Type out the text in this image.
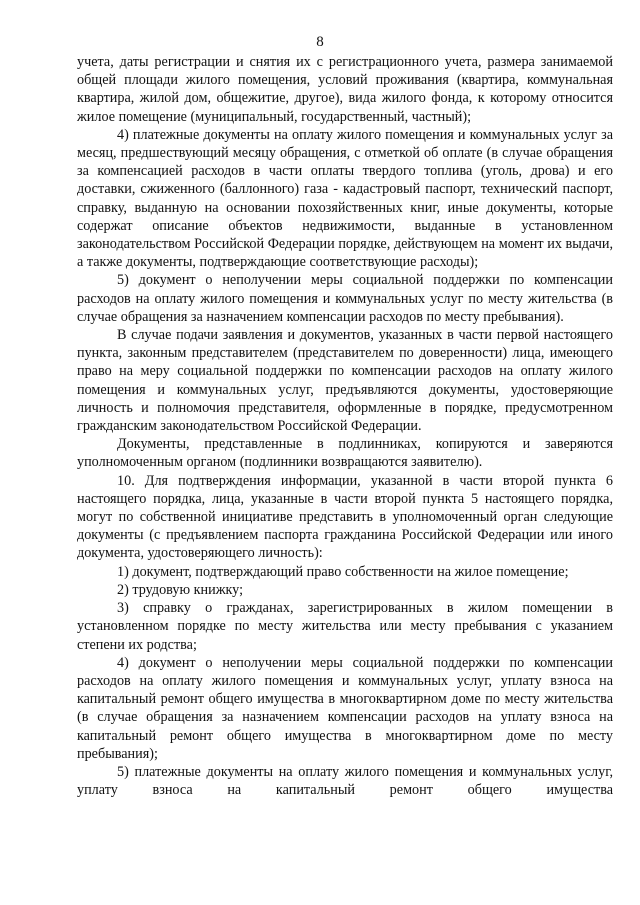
8

учета, даты регистрации и снятия их с регистрационного учета, размера занимаемой общей площади жилого помещения, условий проживания (квартира, коммунальная квартира, жилой дом, общежитие, другое), вида жилого фонда, к которому относится жилое помещение (муниципальный, государственный, частный);

4) платежные документы на оплату жилого помещения и коммунальных услуг за месяц, предшествующий месяцу обращения, с отметкой об оплате (в случае обращения за компенсацией расходов в части оплаты твердого топлива (уголь, дрова) и его доставки, сжиженного (баллонного) газа - кадастровый паспорт, технический паспорт, справку, выданную на основании похозяйственных книг, иные документы, которые содержат описание объектов недвижимости, выданные в установленном законодательством Российской Федерации порядке, действующем на момент их выдачи, а также документы, подтверждающие соответствующие расходы);

5) документ о неполучении меры социальной поддержки по компенсации расходов на оплату жилого помещения и коммунальных услуг по месту жительства (в случае обращения за назначением компенсации расходов по месту пребывания).

В случае подачи заявления и документов, указанных в части первой настоящего пункта, законным представителем (представителем по доверенности) лица, имеющего право на меру социальной поддержки по компенсации расходов на оплату жилого помещения и коммунальных услуг, предъявляются документы, удостоверяющие личность и полномочия представителя, оформленные в порядке, предусмотренном гражданским законодательством Российской Федерации.

Документы, представленные в подлинниках, копируются и заверяются уполномоченным органом (подлинники возвращаются заявителю).

10. Для подтверждения информации, указанной в части второй пункта 6 настоящего порядка, лица, указанные в части второй пункта 5 настоящего порядка, могут по собственной инициативе представить в уполномоченный орган следующие документы (с предъявлением паспорта гражданина Российской Федерации или иного документа, удостоверяющего личность):

1) документ, подтверждающий право собственности на жилое помещение;

2) трудовую книжку;

3) справку о гражданах, зарегистрированных в жилом помещении в установленном порядке по месту жительства или месту пребывания с указанием степени их родства;

4) документ о неполучении меры социальной поддержки по компенсации расходов на оплату жилого помещения и коммунальных услуг, уплату взноса на капитальный ремонт общего имущества в многоквартирном доме по месту жительства (в случае обращения за назначением компенсации расходов на уплату взноса на капитальный ремонт общего имущества в многоквартирном доме по месту пребывания);

5) платежные документы на оплату жилого помещения и коммунальных услуг, уплату взноса на капитальный ремонт общего имущества
